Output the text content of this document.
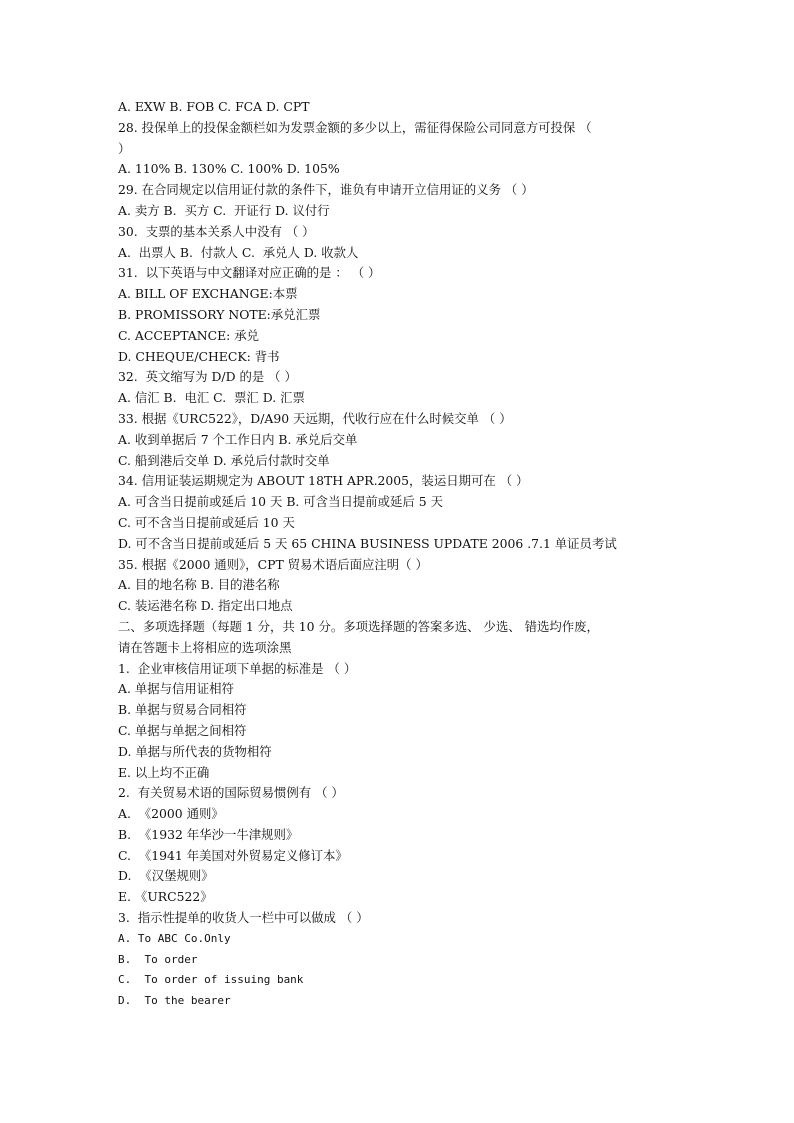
A. EXW B. FOB C. FCA D. CPT
28. 投保单上的投保金额栏如为发票金额的多少以上，需征得保险公司同意方可投保 （
）
A. 110% B. 130% C. 100% D. 105%
29. 在合同规定以信用证付款的条件下，谁负有申请开立信用证的义务 （ ）
A. 卖方 B.  买方 C.  开证行 D. 议付行
30.  支票的基本关系人中没有 （ ）
A.  出票人 B.  付款人 C.  承兑人 D. 收款人
31.  以下英语与中文翻译对应正确的是 ： （ ）
A. BILL OF EXCHANGE:本票
B. PROMISSORY NOTE:承兑汇票
C. ACCEPTANCE: 承兑
D. CHEQUE/CHECK: 背书
32.  英文缩写为 D/D 的是 （ ）
A. 信汇 B.  电汇 C.  票汇 D. 汇票
33. 根据《URC522》，D/A90 天远期，代收行应在什么时候交单 （ ）
A. 收到单据后 7 个工作日内 B. 承兑后交单
C. 船到港后交单 D. 承兑后付款时交单
34. 信用证装运期规定为 ABOUT 18TH APR.2005，装运日期可在 （ ）
A. 可含当日提前或延后 10 天 B. 可含当日提前或延后 5 天
C. 可不含当日提前或延后 10 天
D. 可不含当日提前或延后 5 天 65 CHINA BUSINESS UPDATE 2006 .7.1 单证员考试
35. 根据《2000 通则》，CPT 贸易术语后面应注明（ ）
A. 目的地名称 B. 目的港名称
C. 装运港名称 D. 指定出口地点
二、多项选择题（每题 1 分，共 10 分。多项选择题的答案多选、 少选、 错选均作废，
请在答题卡上将相应的选项涂黑
1.  企业审核信用证项下单据的标准是 （ ）
A. 单据与信用证相符
B. 单据与贸易合同相符
C. 单据与单据之间相符
D. 单据与所代表的货物相符
E. 以上均不正确
2.  有关贸易术语的国际贸易惯例有 （ ）
A.  《2000 通则》
B.  《1932 年华沙一牛津规则》
C.  《1941 年美国对外贸易定义修订本》
D.  《汉堡规则》
E. 《URC522》
3.  指示性提单的收货人一栏中可以做成 （ ）
A. To ABC Co.Only
B.  To order
C.  To order of issuing bank
D.  To the bearer
